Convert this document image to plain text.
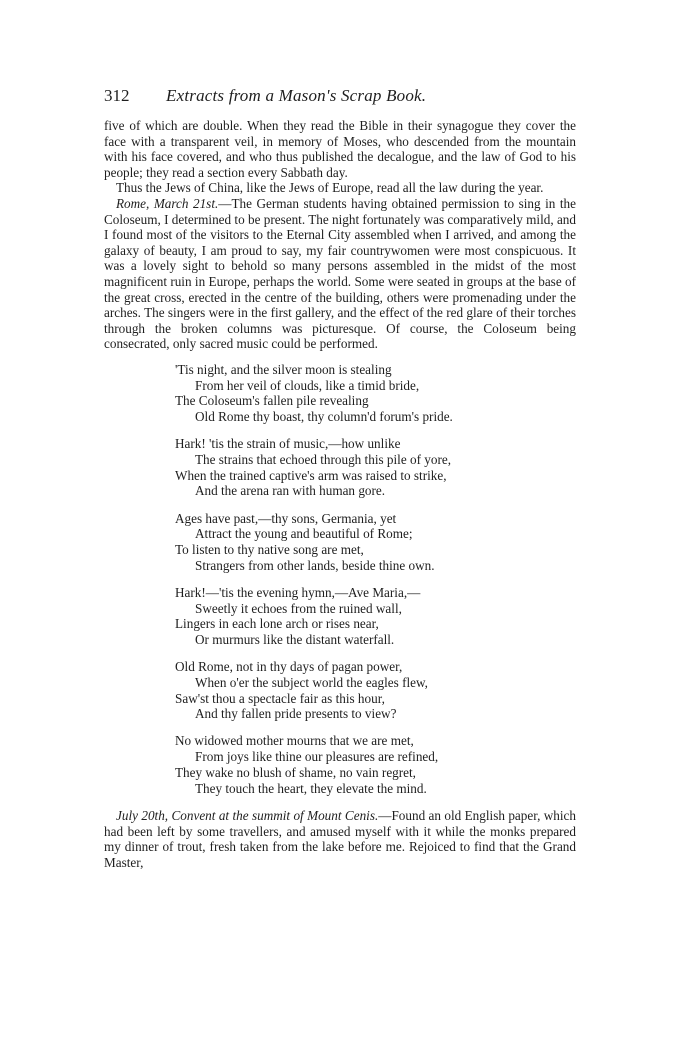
312	Extracts from a Mason's Scrap Book.

five of which are double. When they read the Bible in their synagogue they cover the face with a transparent veil, in memory of Moses, who descended from the mountain with his face covered, and who thus published the decalogue, and the law of God to his people; they read a section every Sabbath day.

Thus the Jews of China, like the Jews of Europe, read all the law during the year.

Rome, March 21st.—The German students having obtained permission to sing in the Coloseum, I determined to be present. The night fortunately was comparatively mild, and I found most of the visitors to the Eternal City assembled when I arrived, and among the galaxy of beauty, I am proud to say, my fair countrywomen were most conspicuous. It was a lovely sight to behold so many persons assembled in the midst of the most magnificent ruin in Europe, perhaps the world. Some were seated in groups at the base of the great cross, erected in the centre of the building, others were promenading under the arches. The singers were in the first gallery, and the effect of the red glare of their torches through the broken columns was picturesque. Of course, the Coloseum being consecrated, only sacred music could be performed.

'Tis night, and the silver moon is stealing
From her veil of clouds, like a timid bride,
The Coloseum's fallen pile revealing
Old Rome thy boast, thy column'd forum's pride.
Hark! 'tis the strain of music,—how unlike
The strains that echoed through this pile of yore,
When the trained captive's arm was raised to strike,
And the arena ran with human gore.
Ages have past,—thy sons, Germania, yet
Attract the young and beautiful of Rome;
To listen to thy native song are met,
Strangers from other lands, beside thine own.
Hark!—'tis the evening hymn,—Ave Maria,—
Sweetly it echoes from the ruined wall,
Lingers in each lone arch or rises near,
Or murmurs like the distant waterfall.
Old Rome, not in thy days of pagan power,
When o'er the subject world the eagles flew,
Saw'st thou a spectacle fair as this hour,
And thy fallen pride presents to view?
No widowed mother mourns that we are met,
From joys like thine our pleasures are refined,
They wake no blush of shame, no vain regret,
They touch the heart, they elevate the mind.

July 20th, Convent at the summit of Mount Cenis.—Found an old English paper, which had been left by some travellers, and amused myself with it while the monks prepared my dinner of trout, fresh taken from the lake before me. Rejoiced to find that the Grand Master,
